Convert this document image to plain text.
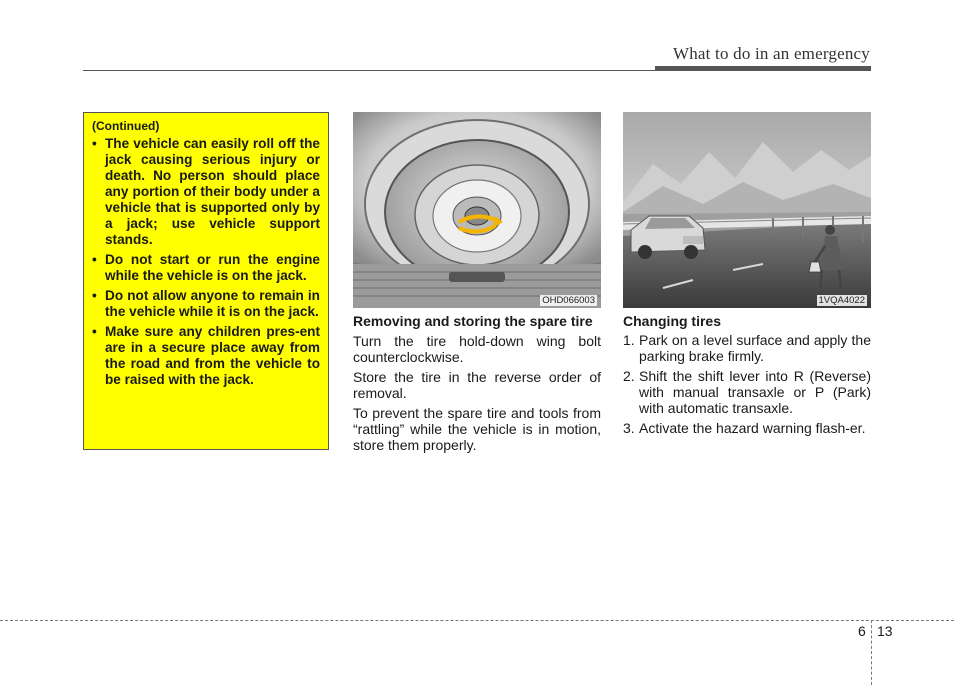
What to do in an emergency
(Continued)
• The vehicle can easily roll off the jack causing serious injury or death. No person should place any portion of their body under a vehicle that is supported only by a jack; use vehicle support stands.
• Do not start or run the engine while the vehicle is on the jack.
• Do not allow anyone to remain in the vehicle while it is on the jack.
• Make sure any children pres-ent are in a secure place away from the road and from the vehicle to be raised with the jack.
OHD066003	1VQA4022
Removing and storing the spare tire

Turn the tire hold-down wing bolt counterclockwise.

Store the tire in the reverse order of removal.

To prevent the spare tire and tools from “rattling” while the vehicle is in motion, store them properly.

Changing tires
1. Park on a level surface and apply the parking brake firmly.
2. Shift the shift lever into R (Reverse) with manual transaxle or P (Park) with automatic transaxle.
3. Activate the hazard warning flash-er.
6 13
